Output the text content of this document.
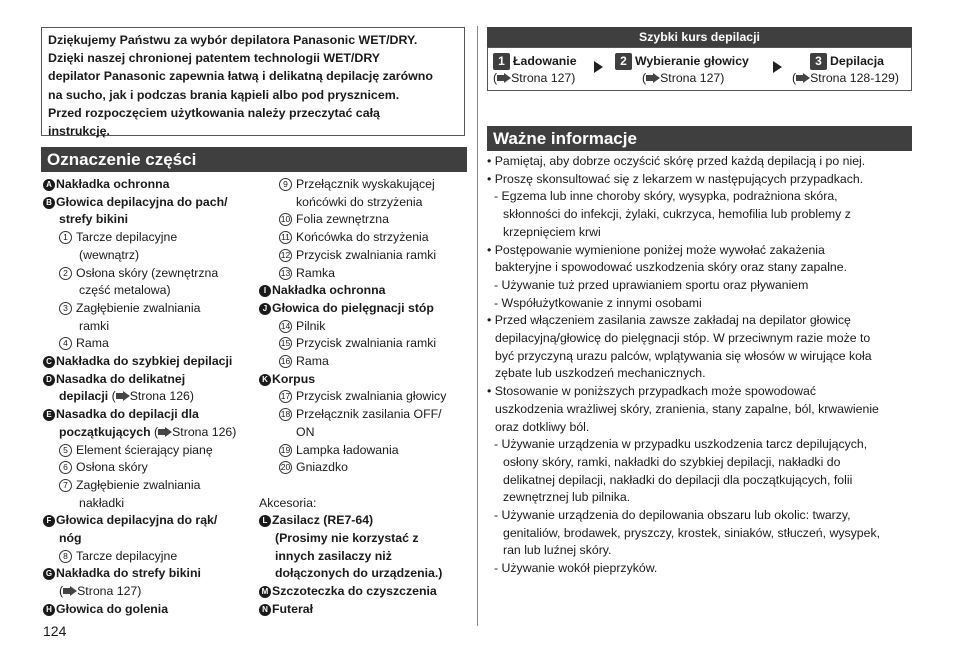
Dziękujemy Państwu za wybór depilatora Panasonic WET/DRY.
Dzięki naszej chronionej patentem technologii WET/DRY
depilator Panasonic zapewnia łatwą i delikatną depilację zarówno
na sucho, jak i podczas brania kąpieli albo pod prysznicem.
Przed rozpoczęciem użytkowania należy przeczytać całą
instrukcję.
Oznaczenie części
A Nakładka ochronna
B Głowica depilacyjna do pach/
strefy bikini
1 Tarcze depilacyjne
(wewnątrz)
2 Osłona skóry (zewnętrzna
część metalowa)
3 Zagłębienie zwalniania
ramki
4 Rama
C Nakładka do szybkiej depilacji
D Nasadka do delikatnej
depilacji ( Strona 126)
E Nasadka do depilacji dla
początkujących ( Strona 126)
5 Element ścierający pianę
6 Osłona skóry
7 Zagłębienie zwalniania
nakładki
F Głowica depilacyjna do rąk/
nóg
8 Tarcze depilacyjne
G Nakładka do strefy bikini
( Strona 127)
H Głowica do golenia
9 Przełącznik wyskakującej
końcówki do strzyżenia
10 Folia zewnętrzna
11 Końcówka do strzyżenia
12 Przycisk zwalniania ramki
13 Ramka
I Nakładka ochronna
J Głowica do pielęgnacji stóp
14 Pilnik
15 Przycisk zwalniania ramki
16 Rama
K Korpus
17 Przycisk zwalniania głowicy
18 Przełącznik zasilania OFF/
ON
19 Lampka ładowania
20 Gniazdko
Akcesoria:
L Zasilacz (RE7-64)
(Prosimy nie korzystać z
innych zasilaczy niż
dołączonych do urządzenia.)
M Szczoteczka do czyszczenia
N Futerał
124
Szybki kurs depilacji
1 Ładowanie
( Strona 127)
2 Wybieranie głowicy
( Strona 127)
3 Depilacja
( Strona 128-129)
Ważne informacje
• Pamiętaj, aby dobrze oczyścić skórę przed każdą depilacją i po niej.
• Proszę skonsultować się z lekarzem w następujących przypadkach.
- Egzema lub inne choroby skóry, wysypka, podrażniona skóra,
skłonności do infekcji, żylaki, cukrzyca, hemofilia lub problemy z
krzepnięciem krwi
• Postępowanie wymienione poniżej może wywołać zakażenia
bakteryjne i spowodować uszkodzenia skóry oraz stany zapalne.
- Używanie tuż przed uprawianiem sportu oraz pływaniem
- Współużytkowanie z innymi osobami
• Przed włączeniem zasilania zawsze zakładaj na depilator głowicę
depilacyjną/głowicę do pielęgnacji stóp. W przeciwnym razie może to
być przyczyną urazu palców, wplątywania się włosów w wirujące koła
zębate lub uszkodzeń mechanicznych.
• Stosowanie w poniższych przypadkach może spowodować
uszkodzenia wrażliwej skóry, zranienia, stany zapalne, ból, krwawienie
oraz dotkliwy ból.
- Używanie urządzenia w przypadku uszkodzenia tarcz depilujących,
osłony skóry, ramki, nakładki do szybkiej depilacji, nakładki do
delikatnej depilacji, nakładki do depilacji dla początkujących, folii
zewnętrznej lub pilnika.
- Używanie urządzenia do depilowania obszaru lub okolic: twarzy,
genitaliów, brodawek, pryszczy, krostek, siniaków, stłuczeń, wysypek,
ran lub luźnej skóry.
- Używanie wokół pieprzyków.
